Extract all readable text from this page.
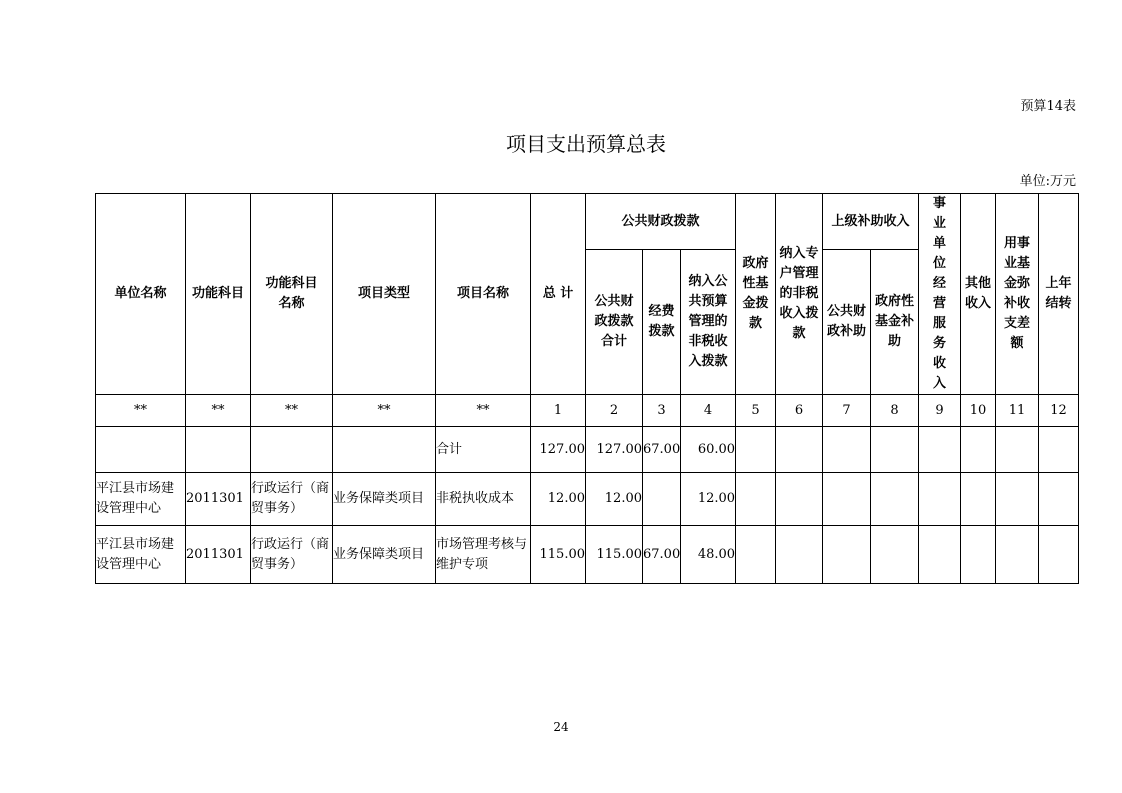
预算14表
项目支出预算总表
单位:万元
单位名称	功能科目	功能科目名称	项目类型	项目名称	总 计	公共财政拨款			政府性基金拨款	纳入专户管理的非税收入拨款	上级补助收入		事业单位经营服务收入	其他收入	用事业基金弥补收支差额	上年结转
						公共财政拨款合计	经费拨款	纳入公共预算管理的非税收入拨款			公共财政补助	政府性基金补助				
**	**	**	**	**	1	2	3	4	5	6	7	8	9	10	11	12
				合计	127.00	127.00	67.00	60.00								
平江县市场建设管理中心	2011301	行政运行（商贸事务）	业务保障类项目	非税执收成本	12.00	12.00		12.00								
平江县市场建设管理中心	2011301	行政运行（商贸事务）	业务保障类项目	市场管理考核与维护专项	115.00	115.00	67.00	48.00								
24
